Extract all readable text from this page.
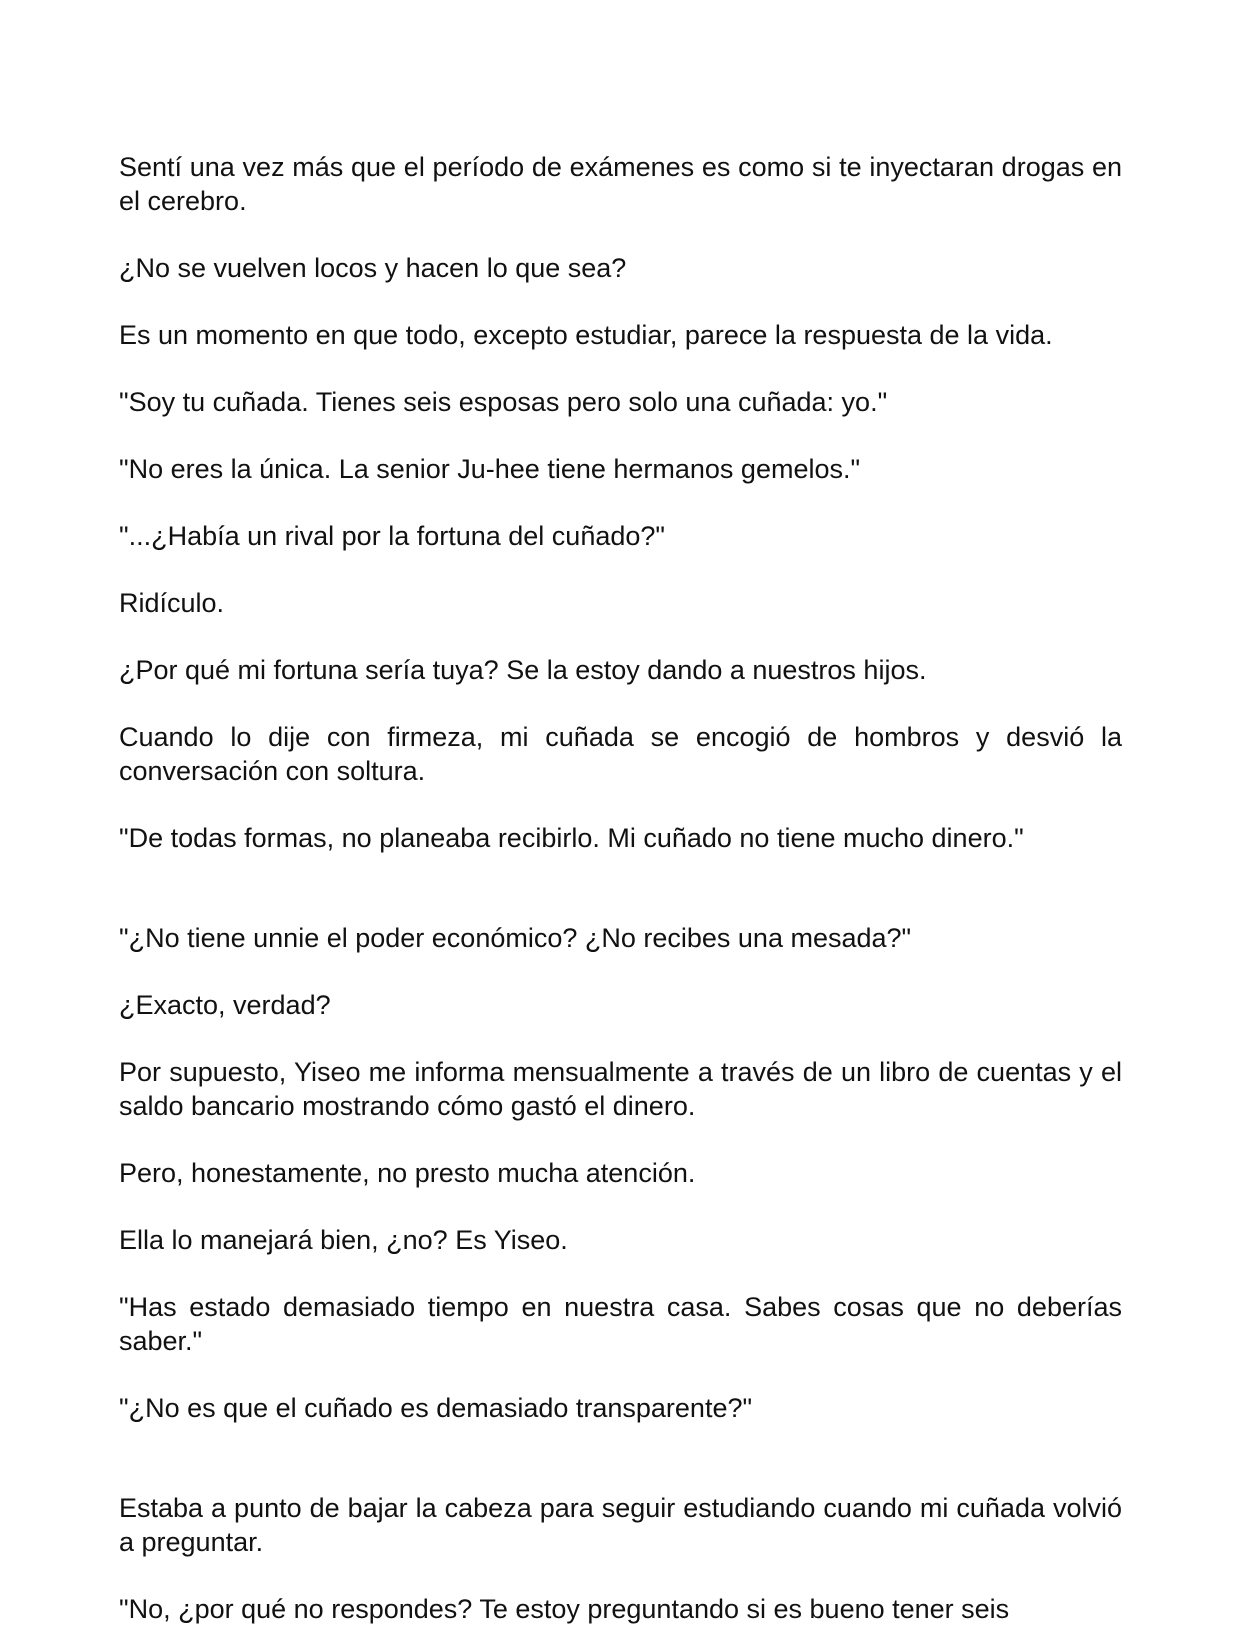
Sentí una vez más que el período de exámenes es como si te inyectaran drogas en el cerebro.

¿No se vuelven locos y hacen lo que sea?

Es un momento en que todo, excepto estudiar, parece la respuesta de la vida.

"Soy tu cuñada. Tienes seis esposas pero solo una cuñada: yo."

"No eres la única. La senior Ju-hee tiene hermanos gemelos."

"...¿Había un rival por la fortuna del cuñado?"

Ridículo.

¿Por qué mi fortuna sería tuya? Se la estoy dando a nuestros hijos.

Cuando lo dije con firmeza, mi cuñada se encogió de hombros y desvió la conversación con soltura.

"De todas formas, no planeaba recibirlo. Mi cuñado no tiene mucho dinero."

"¿No tiene unnie el poder económico? ¿No recibes una mesada?"

¿Exacto, verdad?

Por supuesto, Yiseo me informa mensualmente a través de un libro de cuentas y el saldo bancario mostrando cómo gastó el dinero.

Pero, honestamente, no presto mucha atención.

Ella lo manejará bien, ¿no? Es Yiseo.

"Has estado demasiado tiempo en nuestra casa. Sabes cosas que no deberías saber."

"¿No es que el cuñado es demasiado transparente?"

Estaba a punto de bajar la cabeza para seguir estudiando cuando mi cuñada volvió a preguntar.

"No, ¿por qué no respondes? Te estoy preguntando si es bueno tener seis
